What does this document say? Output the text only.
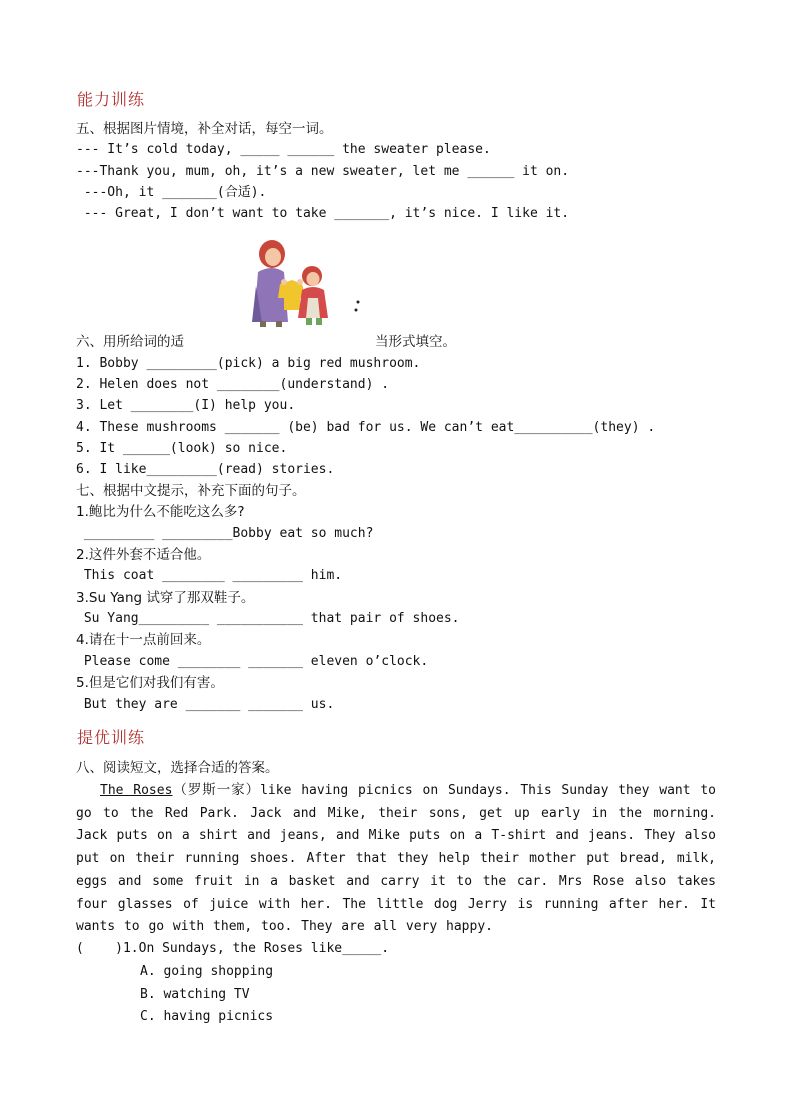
能力训练
五、根据图片情境，补全对话，每空一词。
--- It’s cold today, _____ ______ the sweater please.
---Thank you, mum, oh, it’s a new sweater, let me ______ it on.
---Oh, it _______(合适).
--- Great, I don’t want to take _______, it’s nice. I like it.
六、用所给词的适	当形式填空。
1. Bobby _________(pick) a big red mushroom.
2. Helen does not ________(understand) .
3. Let ________(I) help you.
4. These mushrooms _______ (be) bad for us. We can’t eat__________(they) .
5. It ______(look) so nice.
6. I like_________(read) stories.
七、根据中文提示，补充下面的句子。
1.鲍比为什么不能吃这么多?
_________ _________Bobby eat so much?
2.这件外套不适合他。
This coat ________ _________ him.
3.Su Yang 试穿了那双鞋子。
Su Yang_________ ___________ that pair of shoes.
4.请在十一点前回来。
Please come ________ _______ eleven o’clock.
5.但是它们对我们有害。
But they are _______ _______ us.
提优训练
八、阅读短文，选择合适的答案。
The Roses（罗斯一家）like having picnics on Sundays. This Sunday they want to go to the Red Park. Jack and Mike, their sons, get up early in the morning. Jack puts on a shirt and jeans, and Mike puts on a T-shirt and jeans. They also put on their running shoes. After that they help their mother put bread, milk, eggs and some fruit in a basket and carry it to the car. Mrs Rose also takes four glasses of juice with her. The little dog Jerry is running after her. It wants to go with them, too. They are all very happy.
(    )1.On Sundays, the Roses like_____.
A. going shopping
B. watching TV
C. having picnics
